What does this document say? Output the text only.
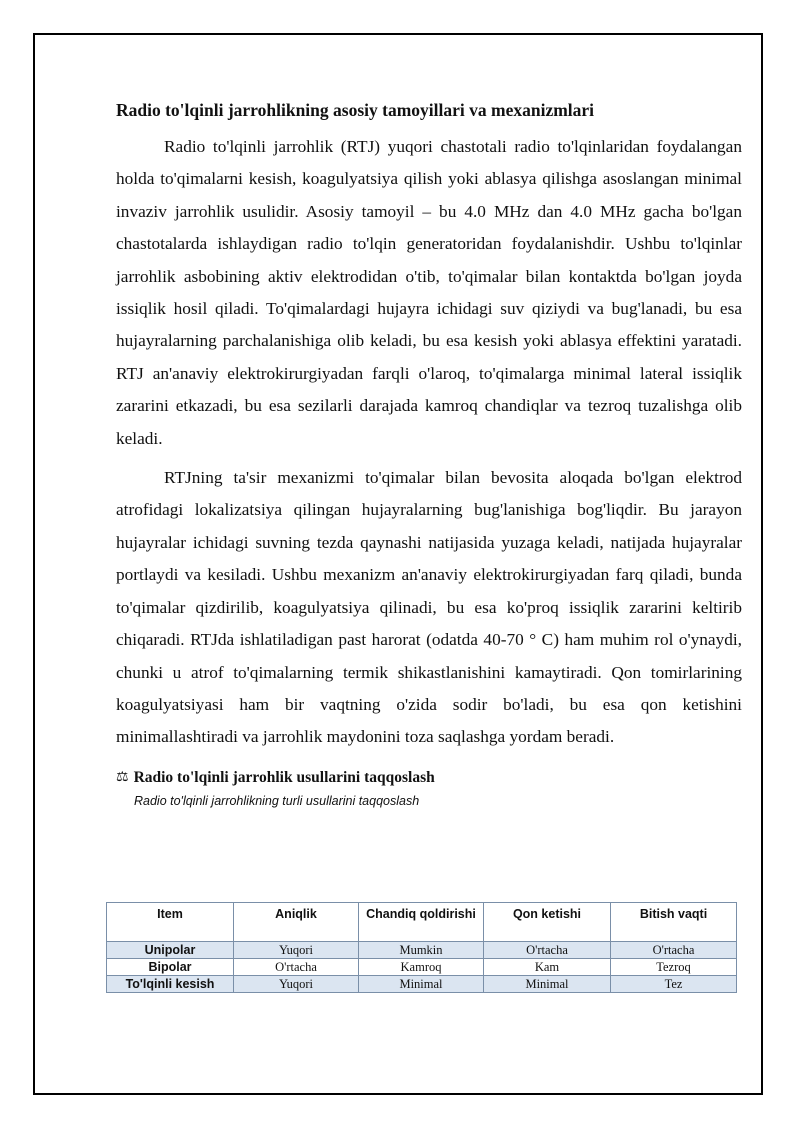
Radio to'lqinli jarrohlikning asosiy tamoyillari va mexanizmlari

Radio to'lqinli jarrohlik (RTJ) yuqori chastotali radio to'lqinlaridan foydalangan holda to'qimalarni kesish, koagulyatsiya qilish yoki ablasya qilishga asoslangan minimal invaziv jarrohlik usulidir. Asosiy tamoyil – bu 4.0 MHz dan 4.0 MHz gacha bo'lgan chastotalarda ishlaydigan radio to'lqin generatoridan foydalanishdir. Ushbu to'lqinlar jarrohlik asbobining aktiv elektrodidan o'tib, to'qimalar bilan kontaktda bo'lgan joyda issiqlik hosil qiladi. To'qimalardagi hujayra ichidagi suv qiziydi va bug'lanadi, bu esa hujayralarning parchalanishiga olib keladi, bu esa kesish yoki ablasya effektini yaratadi. RTJ an'anaviy elektrokirurgiyadan farqli o'laroq, to'qimalarga minimal lateral issiqlik zararini etkazadi, bu esa sezilarli darajada kamroq chandiqlar va tezroq tuzalishga olib keladi.

RTJning ta'sir mexanizmi to'qimalar bilan bevosita aloqada bo'lgan elektrod atrofidagi lokalizatsiya qilingan hujayralarning bug'lanishiga bog'liqdir. Bu jarayon hujayralar ichidagi suvning tezda qaynashi natijasida yuzaga keladi, natijada hujayralar portlaydi va kesiladi. Ushbu mexanizm an'anaviy elektrokirurgiyadan farq qiladi, bunda to'qimalar qizdirilib, koagulyatsiya qilinadi, bu esa ko'proq issiqlik zararini keltirib chiqaradi. RTJda ishlatiladigan past harorat (odatda 40-70 ° C) ham muhim rol o'ynaydi, chunki u atrof to'qimalarning termik shikastlanishini kamaytiradi. Qon tomirlarining koagulyatsiyasi ham bir vaqtning o'zida sodir bo'ladi, bu esa qon ketishini minimallashtiradi va jarrohlik maydonini toza saqlashga yordam beradi.

⚖ Radio to'lqinli jarrohlik usullarini taqqoslash
Radio to'lqinli jarrohlikning turli usullarini taqqoslash
Item	Aniqlik	Chandiq qoldirishi	Qon ketishi	Bitish vaqti
Unipolar	Yuqori	Mumkin	O'rtacha	O'rtacha
Bipolar	O'rtacha	Kamroq	Kam	Tezroq
To'lqinli kesish	Yuqori	Minimal	Minimal	Tez
